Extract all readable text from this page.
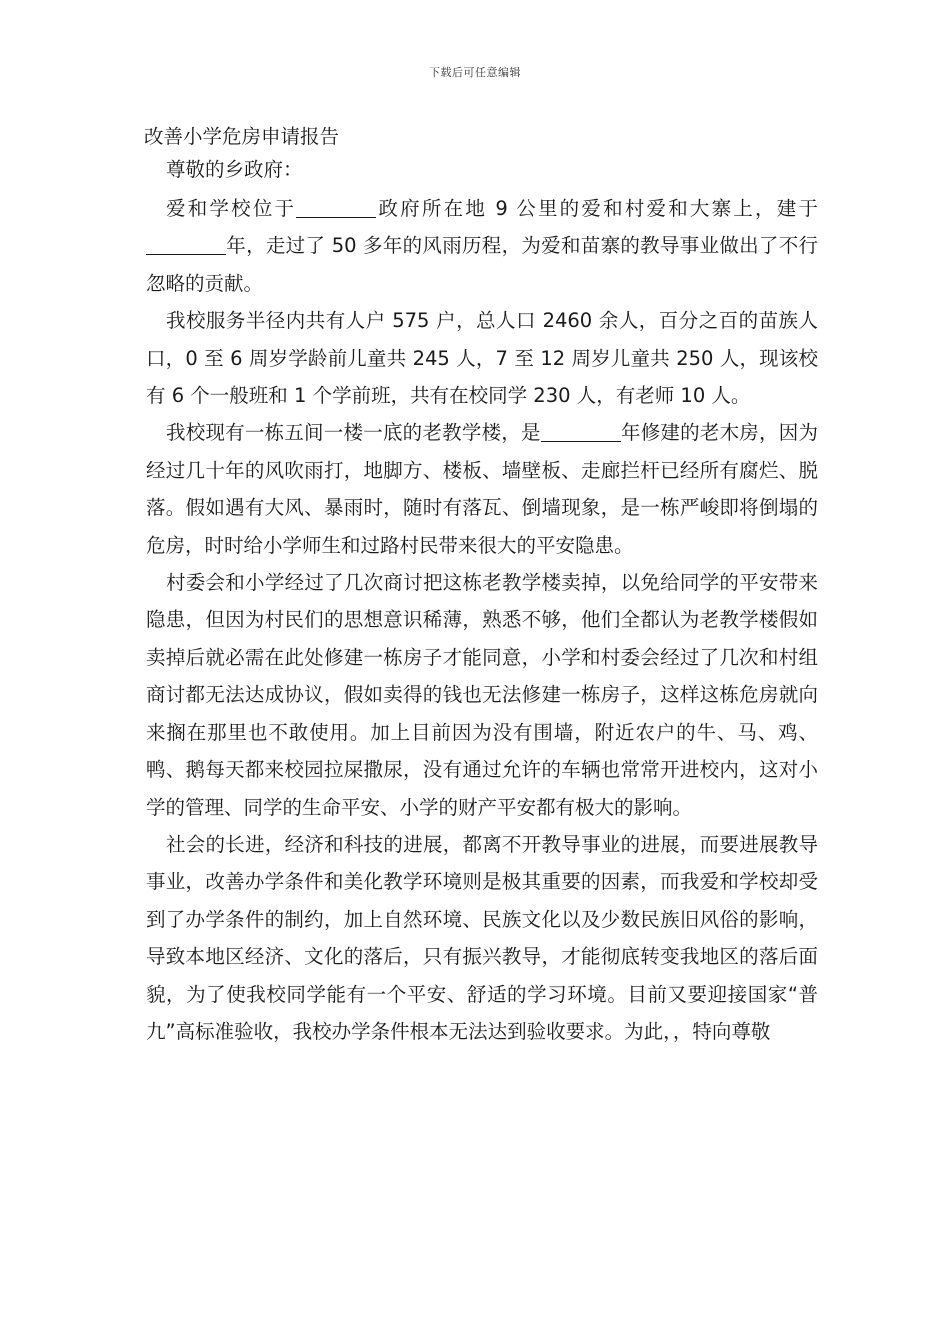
下载后可任意编辑
改善小学危房申请报告
尊敬的乡政府：

爱和学校位于	政府所在地 9 公里的爱和村爱和大寨上，建于年，走过了 50 多年的风雨历程，为爱和苗寨的教导事业做出了不行忽略的贡献。

我校服务半径内共有人户 575 户，总人口 2460 余人，百分之百的苗族人口，0 至 6 周岁学龄前儿童共 245 人，7 至 12 周岁儿童共 250 人，现该校有 6 个一般班和 1 个学前班，共有在校同学 230 人，有老师 10 人。

我校现有一栋五间一楼一底的老教学楼，是	年修建的老木房，因为经过几十年的风吹雨打，地脚方、楼板、墙壁板、走廊拦杆已经所有腐烂、脱落。假如遇有大风、暴雨时，随时有落瓦、倒墙现象，是一栋严峻即将倒塌的危房，时时给小学师生和过路村民带来很大的平安隐患。

村委会和小学经过了几次商讨把这栋老教学楼卖掉，以免给同学的平安带来隐患，但因为村民们的思想意识稀薄，熟悉不够，他们全都认为老教学楼假如卖掉后就必需在此处修建一栋房子才能同意，小学和村委会经过了几次和村组商讨都无法达成协议，假如卖得的钱也无法修建一栋房子，这样这栋危房就向来搁在那里也不敢使用。加上目前因为没有围墙，附近农户的牛、马、鸡、鸭、鹅每天都来校园拉屎撒尿，没有通过允许的车辆也常常开进校内，这对小学的管理、同学的生命平安、小学的财产平安都有极大的影响。

社会的长进，经济和科技的进展，都离不开教导事业的进展，而要进展教导事业，改善办学条件和美化教学环境则是极其重要的因素，而我爱和学校却受到了办学条件的制约，加上自然环境、民族文化以及少数民族旧风俗的影响，导致本地区经济、文化的落后，只有振兴教导，才能彻底转变我地区的落后面貌，为了使我校同学能有一个平安、舒适的学习环境。目前又要迎接国家“普九”高标准验收，我校办学条件根本无法达到验收要求。为此，，特向尊敬
